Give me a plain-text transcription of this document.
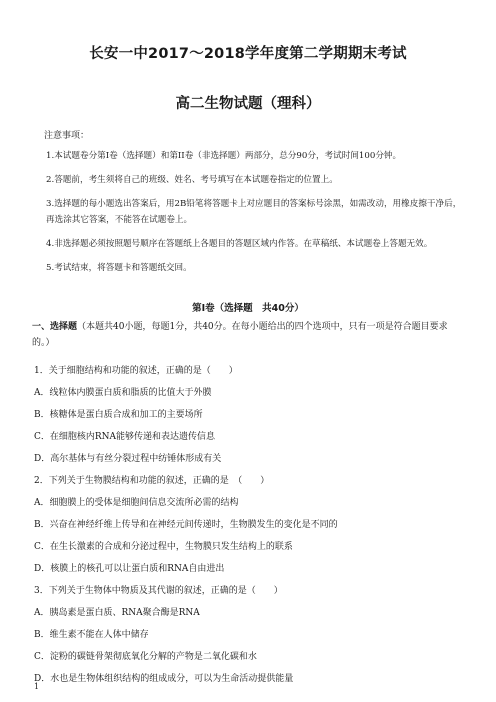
长安一中2017～2018学年度第二学期期末考试
高二生物试题（理科）
注意事项：
1.本试题卷分第Ⅰ卷（选择题）和第II卷（非选择题）两部分，总分90分，考试时间100分钟。
2.答题前，考生须将自己的班级、姓名、考号填写在本试题卷指定的位置上。
3.选择题的每小题选出答案后，用2B铅笔将答题卡上对应题目的答案标号涂黑，如需改动，用橡皮擦干净后，再选涂其它答案，不能答在试题卷上。
4.非选择题必须按照题号顺序在答题纸上各题目的答题区域内作答。在草稿纸、本试题卷上答题无效。
5.考试结束，将答题卡和答题纸交回。
第Ⅰ卷（选择题　共40分）
一、选择题（本题共40小题，每题1分，共40分。在每小题给出的四个选项中，只有一项是符合题目要求的。）
1．关于细胞结构和功能的叙述，正确的是（　　）
A．线粒体内膜蛋白质和脂质的比值大于外膜
B．核糖体是蛋白质合成和加工的主要场所
C．在细胞核内RNA能够传递和表达遗传信息
D．高尔基体与有丝分裂过程中纺锤体形成有关
2．下列关于生物膜结构和功能的叙述，正确的是　（　　）
A．细胞膜上的受体是细胞间信息交流所必需的结构
B．兴奋在神经纤维上传导和在神经元间传递时，生物膜发生的变化是不同的
C．在生长激素的合成和分泌过程中，生物膜只发生结构上的联系
D．核膜上的核孔可以让蛋白质和RNA自由进出
3．下列关于生物体中物质及其代谢的叙述，正确的是（　　）
A．胰岛素是蛋白质、RNA聚合酶是RNA
B．维生素不能在人体中储存
C．淀粉的碳链骨架彻底氧化分解的产物是二氧化碳和水
D．水也是生物体组织结构的组成成分，可以为生命活动提供能量
1
